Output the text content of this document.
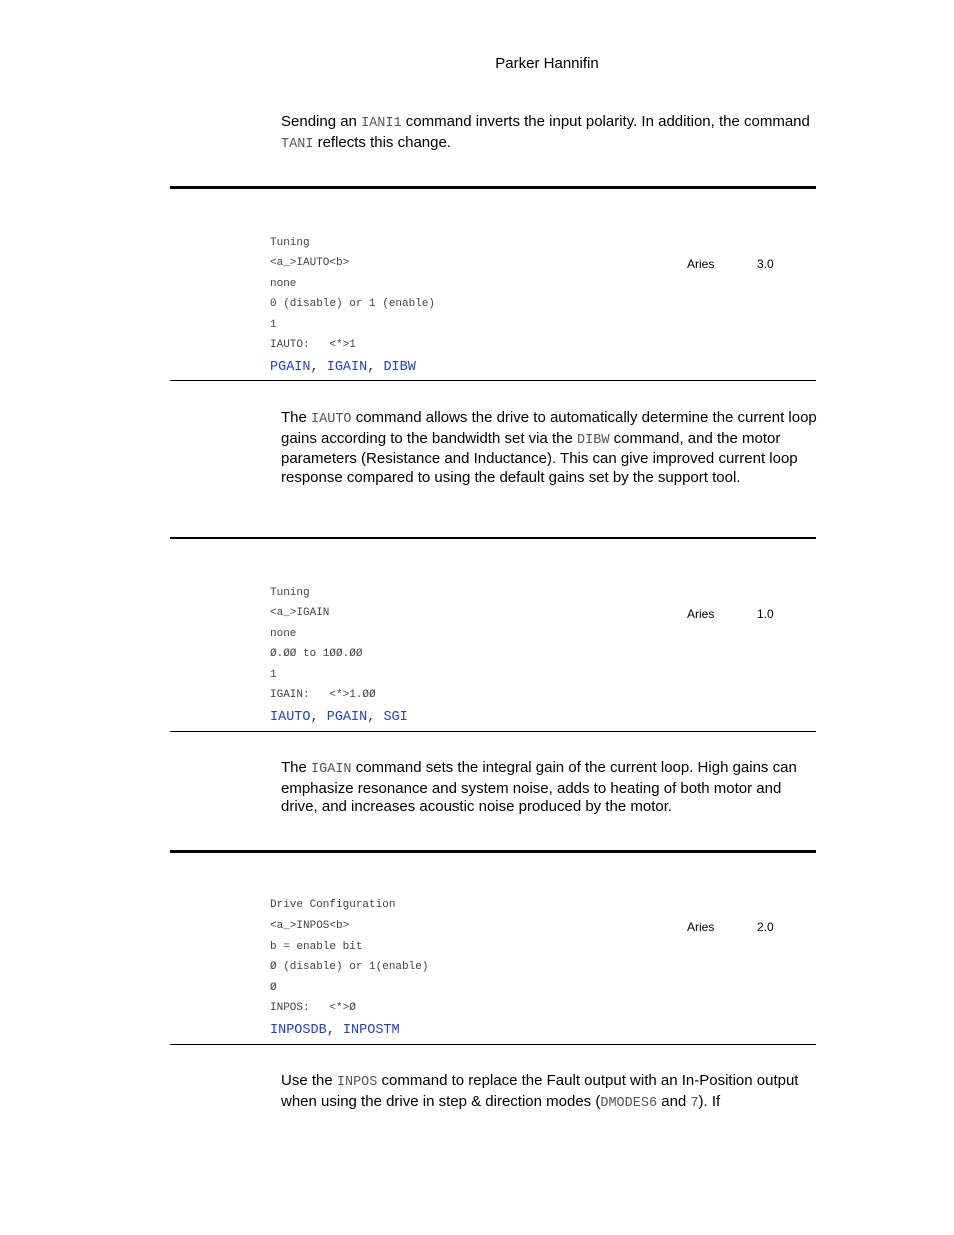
Parker Hannifin
Sending an IANI1 command inverts the input polarity. In addition, the command TANI reflects this change.
Tuning
<a_>IAUTO<b>	Aries	3.0
none
0 (disable) or 1 (enable)
1
IAUTO:   <*>1
PGAIN, IGAIN, DIBW
The IAUTO command allows the drive to automatically determine the current loop gains according to the bandwidth set via the DIBW command, and the motor parameters (Resistance and Inductance). This can give improved current loop response compared to using the default gains set by the support tool.
Tuning
<a_>IGAIN	Aries	1.0
none
Ø.ØØ to 1ØØ.ØØ
1
IGAIN:   <*>1.ØØ
IAUTO, PGAIN, SGI
The IGAIN command sets the integral gain of the current loop. High gains can emphasize resonance and system noise, adds to heating of both motor and drive, and increases acoustic noise produced by the motor.
Drive Configuration
<a_>INPOS<b>	Aries	2.0
b = enable bit
Ø (disable) or 1(enable)
Ø
INPOS:   <*>Ø
INPOSDB, INPOSTM
Use the INPOS command to replace the Fault output with an In-Position output when using the drive in step & direction modes (DMODES6 and 7). If
